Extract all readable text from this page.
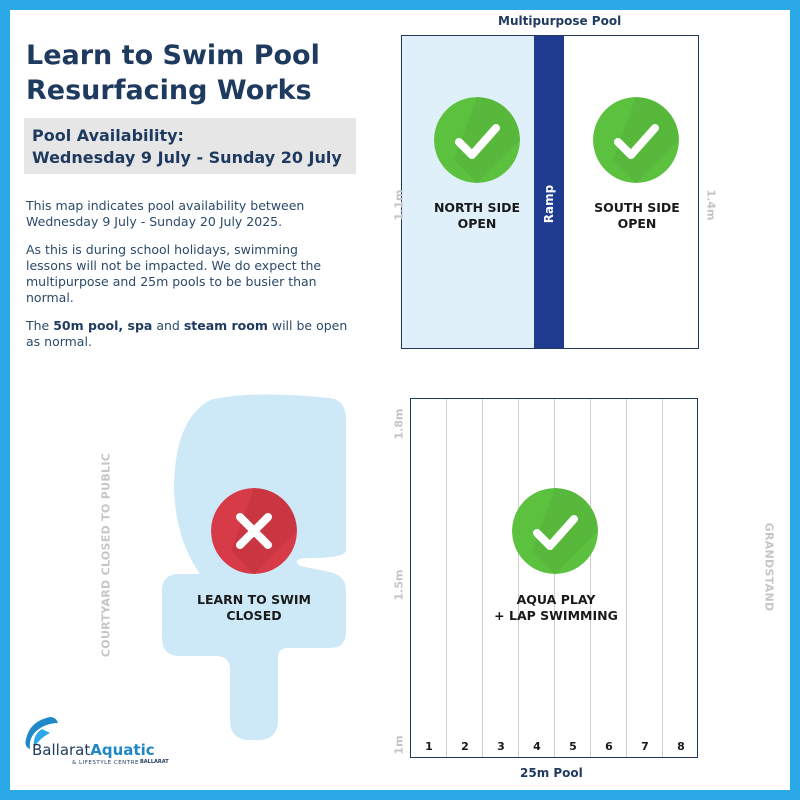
Learn to Swim Pool
Resurfacing Works
Pool Availability:
Wednesday 9 July - Sunday 20 July
This map indicates pool availability between
Wednesday 9 July - Sunday 20 July 2025.
As this is during school holidays, swimming
lessons will not be impacted. We do expect the
multipurpose and 25m pools to be busier than
normal.
The 50m pool, spa and steam room will be open
as normal.
Multipurpose Pool
Ramp
1.1m	1.4m
NORTH SIDE
OPEN
SOUTH SIDE
OPEN
LEARN TO SWIM
CLOSED
COURTYARD CLOSED TO PUBLIC	GRANDSTAND
1	2	3	4	5	6	7	8
AQUA PLAY
+ LAP SWIMMING
1.8m
1.5m
1m
25m Pool
BallaratAquatic
& LIFESTYLE CENTRE BALLARAT
